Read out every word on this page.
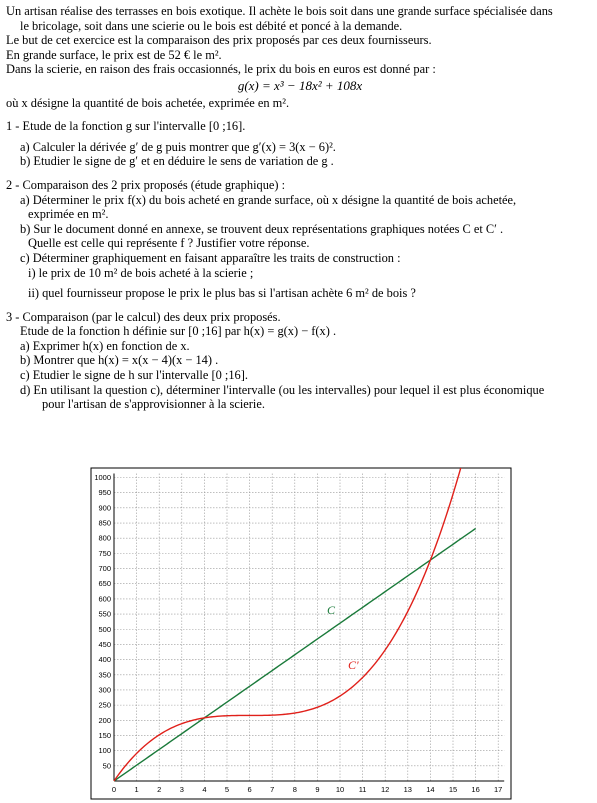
Un artisan réalise des terrasses en bois exotique. Il achète le bois soit dans une grande surface spécialisée dans

le bricolage, soit dans une scierie ou le bois est débité et poncé à la demande.

Le but de cet exercice est la comparaison des prix proposés par ces deux fournisseurs.

En grande surface, le prix est de 52 € le m².

Dans la scierie, en raison des frais occasionnés, le prix du bois en euros est donné par :

g(x) = x³ − 18x² + 108x

où x désigne la quantité de bois achetée, exprimée en m².

1 - Etude de la fonction g sur l'intervalle [0 ;16].

a) Calculer la dérivée g′ de g puis montrer que g′(x) = 3(x − 6)².

b) Etudier le signe de g′ et en déduire le sens de variation de g .

2 - Comparaison des 2 prix proposés (étude graphique) :

a) Déterminer le prix f(x) du bois acheté en grande surface, où x désigne la quantité de bois achetée,

exprimée en m².

b) Sur le document donné en annexe, se trouvent deux représentations graphiques notées C et C′ .

Quelle est celle qui représente f ? Justifier votre réponse.

c) Déterminer graphiquement en faisant apparaître les traits de construction :

i) le prix de 10 m² de bois acheté à la scierie ;

ii) quel fournisseur propose le prix le plus bas si l'artisan achète 6 m² de bois ?

3 - Comparaison (par le calcul) des deux prix proposés.

Etude de la fonction h définie sur [0 ;16] par h(x) = g(x) − f(x) .

a) Exprimer h(x) en fonction de x.

b) Montrer que h(x) = x(x − 4)(x − 14) .

c) Etudier le signe de h sur l'intervalle [0 ;16].

d) En utilisant la question c), déterminer l'intervalle (ou les intervalles) pour lequel il est plus économique

pour l'artisan de s'approvisionner à la scierie.

0 1 2 3 4 5 6 7 8 9 10 11 12 13 14 15 16 17
50
100
150
200
250
300
350
400
450
500
550
600
650
700
750
800
850
900
950
1000
C
C'
